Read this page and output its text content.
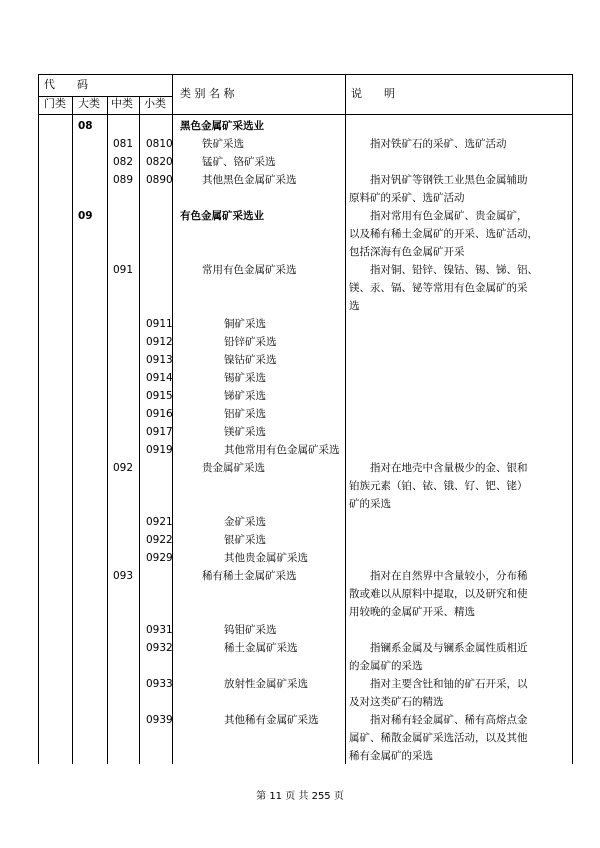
代　　码
门类 大类 中类 小类
类 别 名 称	说　　明
08	黑色金属矿采选业
081 0810	铁矿采选	指对铁矿石的采矿、选矿活动
082 0820	锰矿、铬矿采选
089 0890	其他黑色金属矿采选	指对钒矿等钢铁工业黑色金属辅助
原料矿的采矿、选矿活动
09	有色金属矿采选业	指对常用有色金属矿、贵金属矿，
以及稀有稀土金属矿的开采、选矿活动，
包括深海有色金属矿开采
091	常用有色金属矿采选	指对铜、铅锌、镍钴、锡、锑、铝、
镁、汞、镉、铋等常用有色金属矿的采
选
0911	铜矿采选
0912	铅锌矿采选
0913	镍钴矿采选
0914	锡矿采选
0915	锑矿采选
0916	铝矿采选
0917	镁矿采选
0919	其他常用有色金属矿采选
092	贵金属矿采选	指对在地壳中含量极少的金、银和
铂族元素（铂、铱、锇、钌、钯、铑）
矿的采选
0921	金矿采选
0922	银矿采选
0929	其他贵金属矿采选
093	稀有稀土金属矿采选	指对在自然界中含量较小，分布稀
散或难以从原料中提取，以及研究和使
用较晚的金属矿开采、精选
0931	钨钼矿采选
0932	稀土金属矿采选	指镧系金属及与镧系金属性质相近
的金属矿的采选
0933	放射性金属矿采选	指对主要含钍和铀的矿石开采，以
及对这类矿石的精选
0939	其他稀有金属矿采选	指对稀有轻金属矿、稀有高熔点金
属矿、稀散金属矿采选活动，以及其他
稀有金属矿的采选
第 11 页 共 255 页
